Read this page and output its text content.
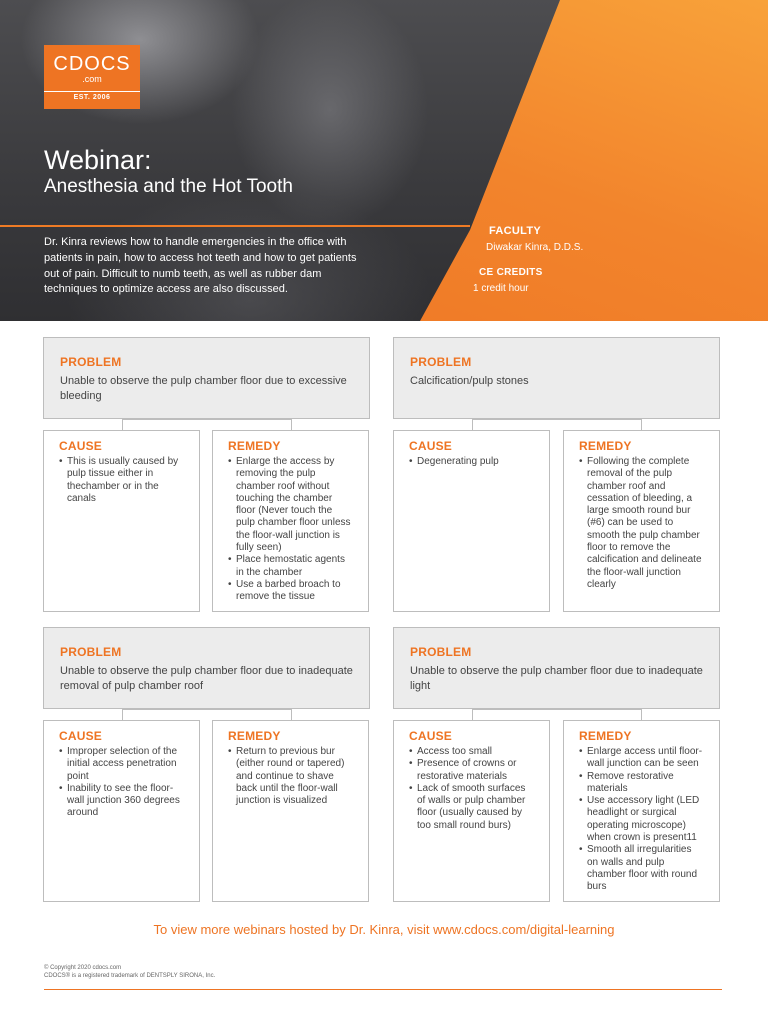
CDOCS
.com
EST. 2006
Webinar:
Anesthesia and the Hot Tooth
Dr. Kinra reviews how to handle emergencies in the office with patients in pain, how to access hot teeth and how to get patients out of pain. Difficult to numb teeth, as well as rubber dam techniques to optimize access are also discussed.
FACULTY
Diwakar Kinra, D.D.S.
CE CREDITS
1 credit hour
PROBLEM
Unable to observe the pulp chamber floor due to excessive bleeding
CAUSE
• This is usually caused by pulp tissue either in thechamber or in the canals
REMEDY
• Enlarge the access by removing the pulp chamber roof without touching the chamber floor (Never touch the pulp chamber floor unless the floor-wall junction is fully seen)
• Place hemostatic agents in the chamber
• Use a barbed broach to remove the tissue
PROBLEM
Calcification/pulp stones
CAUSE
• Degenerating pulp
REMEDY
• Following the complete removal of the pulp chamber roof and cessation of bleeding, a large smooth round bur (#6) can be used to smooth the pulp chamber floor to remove the calcification and delineate the floor-wall junction clearly
PROBLEM
Unable to observe the pulp chamber floor due to inadequate removal of pulp chamber roof
CAUSE
• Improper selection of the initial access penetration point
• Inability to see the floor-wall junction 360 degrees around
REMEDY
• Return to previous bur (either round or tapered) and continue to shave back until the floor-wall junction is visualized
PROBLEM
Unable to observe the pulp chamber floor due to inadequate light
CAUSE
• Access too small
• Presence of crowns or restorative materials
• Lack of smooth surfaces of walls or pulp chamber floor (usually caused by too small round burs)
REMEDY
• Enlarge access until floor-wall junction can be seen
• Remove restorative materials
• Use accessory light (LED headlight or surgical operating microscope) when crown is present11
• Smooth all irregularities on walls and pulp chamber floor with round burs
To view more webinars hosted by Dr. Kinra, visit www.cdocs.com/digital-learning
© Copyright 2020 cdocs.com
CDOCS® is a registered trademark of DENTSPLY SIRONA, Inc.
